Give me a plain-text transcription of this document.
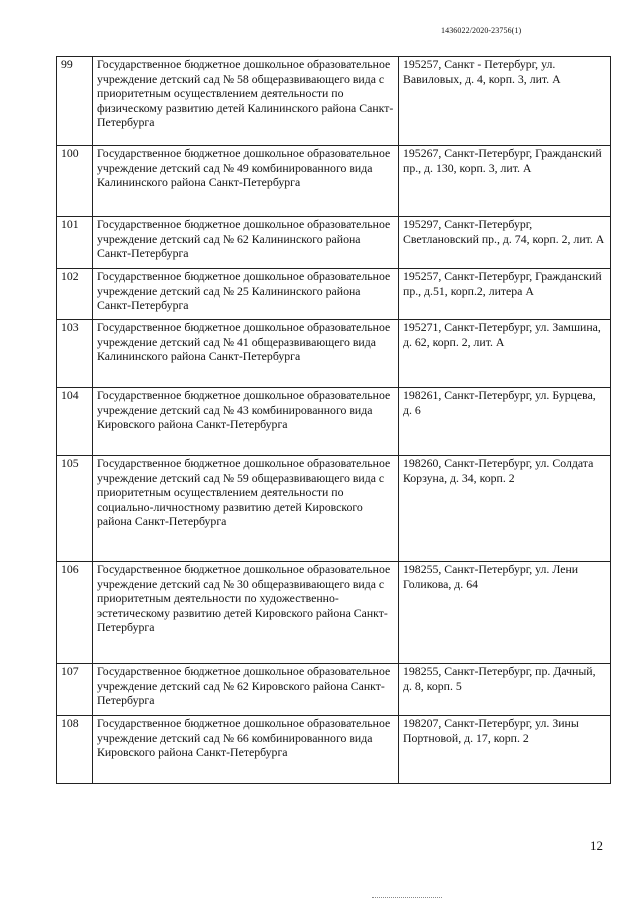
1436022/2020-23756(1)
99	Государственное бюджетное дошкольное образовательное учреждение детский сад № 58 общеразвивающего вида с приоритетным осуществлением деятельности по физическому развитию детей Калининского района Санкт-Петербурга	195257, Санкт - Петербург, ул. Вавиловых, д. 4, корп. 3, лит. А
100	Государственное бюджетное дошкольное образовательное учреждение детский сад № 49 комбинированного вида Калининского района Санкт-Петербурга	195267, Санкт-Петербург, Гражданский пр., д. 130, корп. 3, лит. А
101	Государственное бюджетное дошкольное образовательное учреждение детский сад № 62 Калининского района Санкт-Петербурга	195297, Санкт-Петербург, Светлановский пр., д. 74, корп. 2, лит. А
102	Государственное бюджетное дошкольное образовательное учреждение детский сад № 25 Калининского района Санкт-Петербурга	195257, Санкт-Петербург, Гражданский пр., д.51, корп.2, литера А
103	Государственное бюджетное дошкольное образовательное учреждение детский сад № 41 общеразвивающего вида Калининского района Санкт-Петербурга	195271, Санкт-Петербург, ул. Замшина, д. 62, корп. 2, лит. А
104	Государственное бюджетное дошкольное образовательное учреждение детский сад № 43 комбинированного вида Кировского района Санкт-Петербурга	198261, Санкт-Петербург, ул. Бурцева, д. 6
105	Государственное бюджетное дошкольное образовательное учреждение детский сад № 59 общеразвивающего вида с приоритетным осуществлением деятельности по социально-личностному развитию детей Кировского района Санкт-Петербурга	198260, Санкт-Петербург, ул. Солдата Корзуна, д. 34, корп. 2
106	Государственное бюджетное дошкольное образовательное учреждение детский сад № 30 общеразвивающего вида с приоритетным деятельности по художественно-эстетическому развитию детей Кировского района Санкт-Петербурга	198255, Санкт-Петербург, ул. Лени Голикова, д. 64
107	Государственное бюджетное дошкольное образовательное учреждение детский сад № 62 Кировского района Санкт-Петербурга	198255, Санкт-Петербург, пр. Дачный, д. 8, корп. 5
108	Государственное бюджетное дошкольное образовательное учреждение детский сад № 66 комбинированного вида Кировского района Санкт-Петербурга	198207, Санкт-Петербург, ул. Зины Портновой, д. 17, корп. 2
12
